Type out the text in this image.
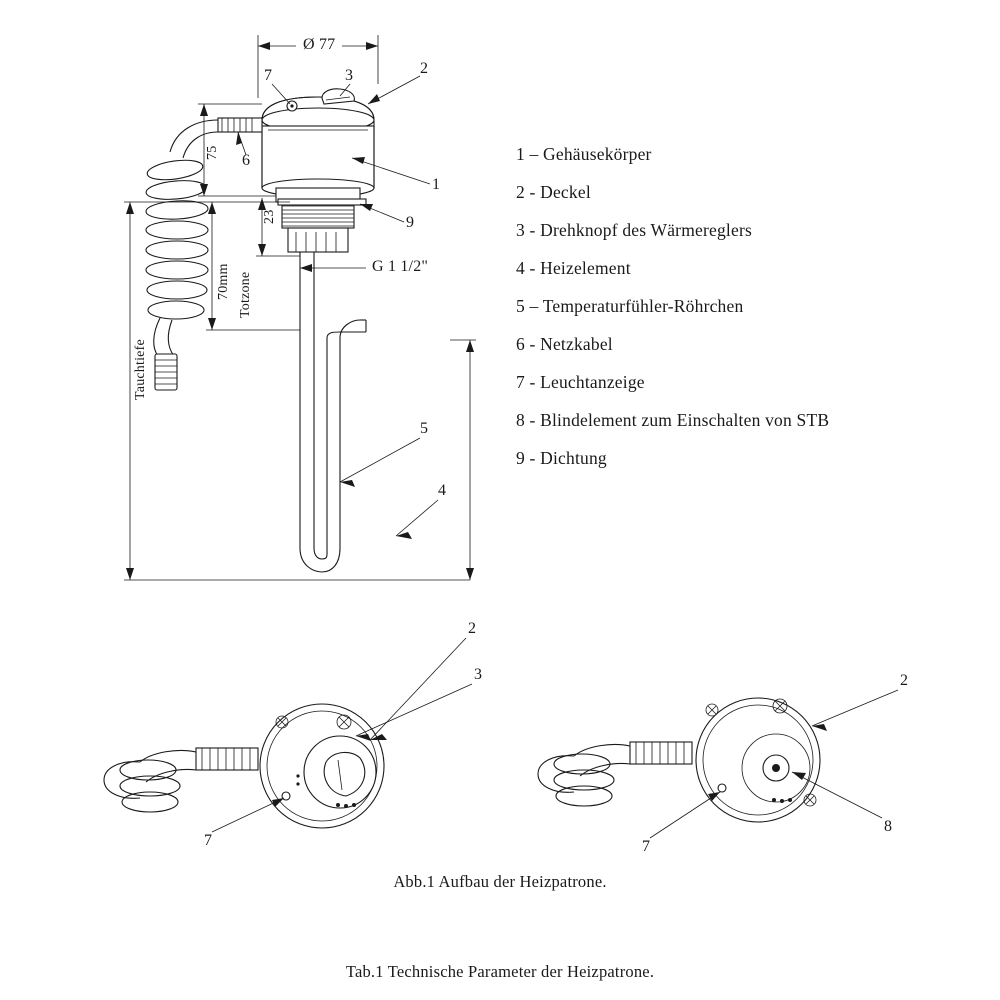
Ø 77
G 1 1/2"
75
23
70mm Totzone
Tauchtiefe
7	3	2
6
1
9
5
4
2
3
7
2
8
7
1 – Gehäusekörper
2 - Deckel
3 - Drehknopf des Wärmereglers
4 - Heizelement
5 – Temperaturfühler-Röhrchen
6 - Netzkabel
7 - Leuchtanzeige
8 - Blindelement zum Einschalten von STB
9 - Dichtung
Abb.1 Aufbau der Heizpatrone.
Tab.1 Technische Parameter der Heizpatrone.
